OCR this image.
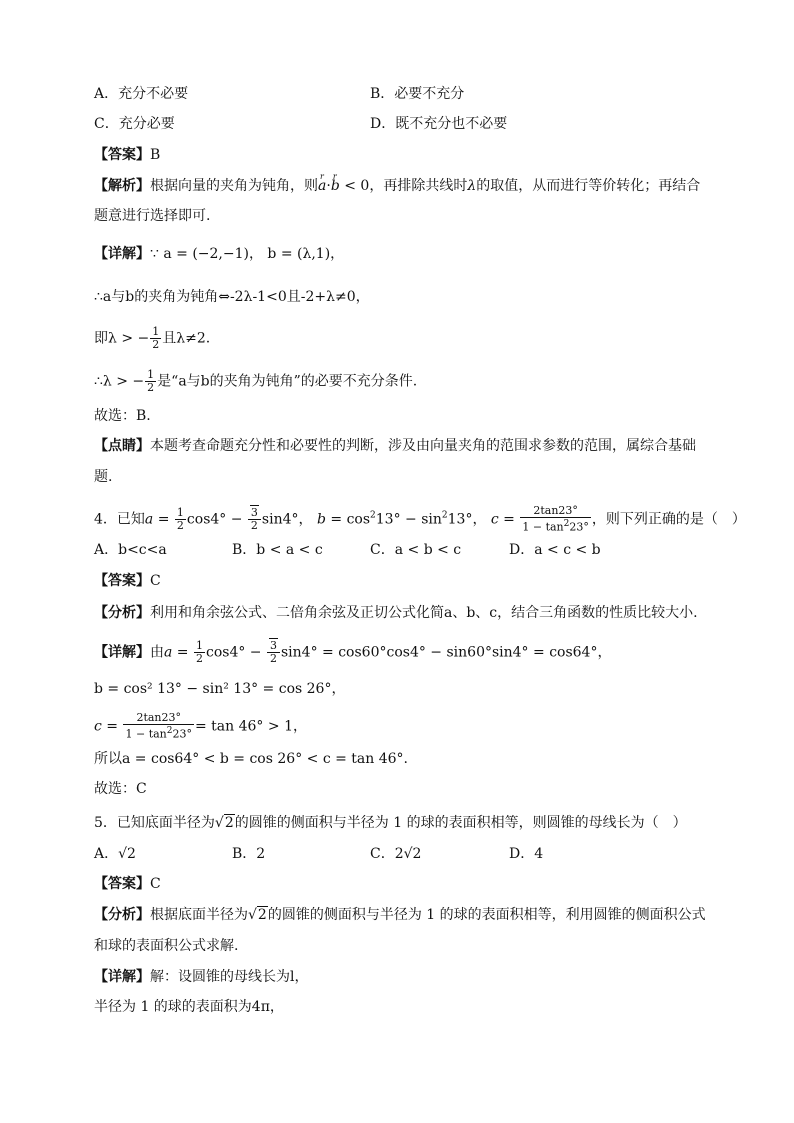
A．充分不必要	B．必要不充分
C．充分必要	D．既不充分也不必要
【答案】B
【解析】根据向量的夹角为钝角，则r a·r b < 0，再排除共线时λ的取值，从而进行等价转化；再结合
题意进行选择即可.
【详解】∵ a = (−2,−1)， b = (λ,1)，
∴a与b的夹角为钝角⇔-2λ-1<0且-2+λ≠0，
即λ > − $\frac{1}{2}$ 且λ≠2.
∴λ > − $\frac{1}{2}$ 是“a与b的夹角为钝角”的必要不充分条件.
故选：B.
【点睛】本题考查命题充分性和必要性的判断，涉及由向量夹角的范围求参数的范围，属综合基础
题.
4．已知$a = \frac{1}{2} \cos 4^\circ - \frac{3}{2} \sin 4^\circ$， $b = \cos^213^\circ - \sin^213^\circ$， $c = \frac{2\tan 23^\circ}{1 - \tan^223^\circ}$ ，则下列正确的是（　）
A．b<c<a	B．b < a < c	C．a < b < c	D．a < c < b
【答案】C
【分析】利用和角余弦公式、二倍角余弦及正切公式化简a、b、c，结合三角函数的性质比较大小.
【详解】由$a = \frac{1}{2} \cos 4^\circ - \frac{3}{2} \sin 4^\circ = \cos 60^\circ\cos 4^\circ - \sin 60^\circ\sin 4^\circ = \cos 64^\circ$，
b = cos² 13° − sin² 13° = cos 26°，
$c = \frac{2\tan 23^\circ}{1 - \tan^223^\circ} = \tan 46^\circ > 1$，
所以a = cos64° < b = cos 26° < c = tan 46°.
故选：C
5．已知底面半径为√2的圆锥的侧面积与半径为 1 的球的表面积相等，则圆锥的母线长为（　）
A．√2	B．2	C．2√2	D．4
【答案】C
【分析】根据底面半径为√2的圆锥的侧面积与半径为 1 的球的表面积相等，利用圆锥的侧面积公式
和球的表面积公式求解.
【详解】解：设圆锥的母线长为l，
半径为 1 的球的表面积为4π，
